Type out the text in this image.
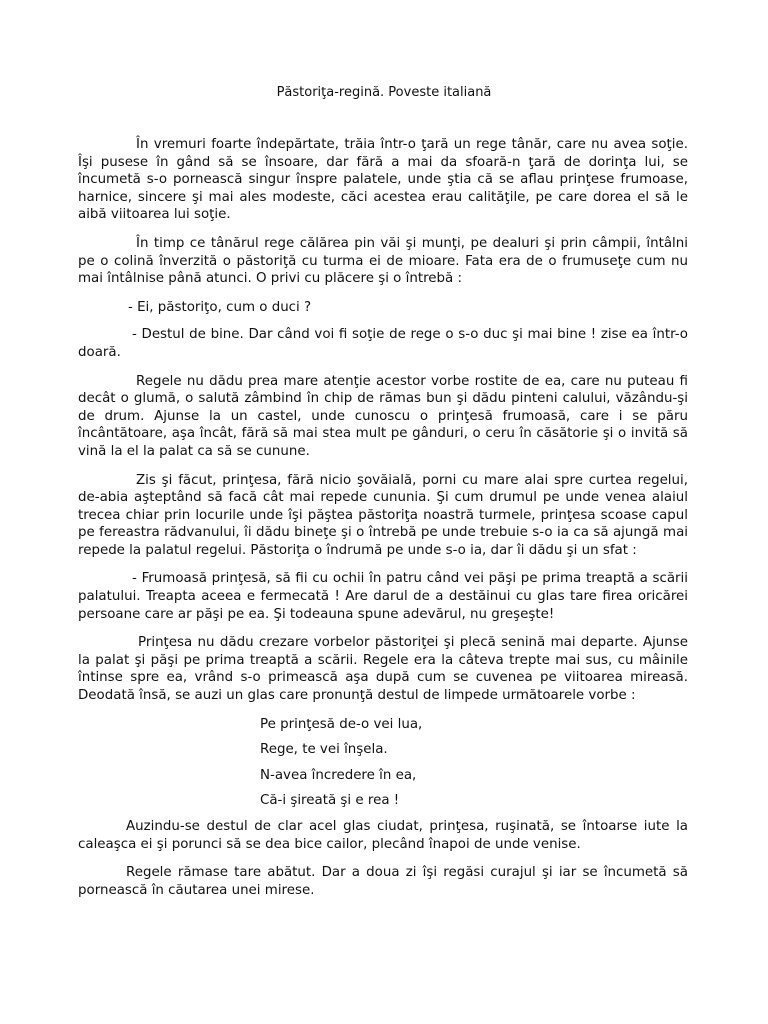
Păstoriţa-regină. Poveste italiană

În vremuri foarte îndepărtate, trăia într-o ţară un rege tânăr, care nu avea soţie. Îşi pusese în gând să se însoare, dar fără a mai da sfoară-n ţară de dorinţa lui, se încumetă s-o pornească singur înspre palatele, unde ştia că se aflau prinţese frumoase, harnice, sincere şi mai ales modeste, căci acestea erau calităţile, pe care dorea el să le aibă viitoarea lui soţie.

În timp ce tânărul rege călărea pin văi şi munţi, pe dealuri şi prin câmpii, întâlni pe o colină înverzită o păstoriţă cu turma ei de mioare. Fata era de o frumuseţe cum nu mai întâlnise până atunci. O privi cu plăcere şi o întrebă :

- Ei, păstoriţo, cum o duci ?

- Destul de bine. Dar când voi fi soţie de rege o s-o duc şi mai bine ! zise ea într-o doară.

Regele nu dădu prea mare atenţie acestor vorbe rostite de ea, care nu puteau fi decât o glumă, o salută zâmbind în chip de rămas bun şi dădu pinteni calului, văzându-şi de drum. Ajunse la un castel, unde cunoscu o prinţesă frumoasă, care i se păru încântătoare, aşa încât, fără să mai stea mult pe gânduri, o ceru în căsătorie şi o invită să vină la el la palat ca să se cunune.

Zis şi făcut, prinţesa, fără nicio şovăială, porni cu mare alai spre curtea regelui, de-abia aşteptând să facă cât mai repede cununia. Şi cum drumul pe unde venea alaiul trecea chiar prin locurile unde îşi păştea păstoriţa noastră turmele, prinţesa scoase capul pe fereastra rădvanului, îi dădu bineţe şi o întrebă pe unde trebuie s-o ia ca să ajungă mai repede la palatul regelui. Păstoriţa o îndrumă pe unde s-o ia, dar îi dădu şi un sfat :

- Frumoasă prinţesă, să fii cu ochii în patru când vei păşi pe prima treaptă a scării palatului. Treapta aceea e fermecată ! Are darul de a destăinui cu glas tare firea oricărei persoane care ar păşi pe ea. Şi todeauna spune adevărul, nu greşeşte!

Prinţesa nu dădu crezare vorbelor păstoriţei şi plecă senină mai departe. Ajunse la palat şi păşi pe prima treaptă a scării. Regele era la câteva trepte mai sus, cu mâinile întinse spre ea, vrând s-o primească aşa după cum se cuvenea pe viitoarea mireasă. Deodată însă, se auzi un glas care pronunţă destul de limpede următoarele vorbe :

Pe prinţesă de-o vei lua,

Rege, te vei înşela.

N-avea încredere în ea,

Că-i şireată şi e rea !

Auzindu-se destul de clar acel glas ciudat, prinţesa, ruşinată, se întoarse iute la caleaşca ei şi porunci să se dea bice cailor, plecând înapoi de unde venise.

Regele rămase tare abătut. Dar a doua zi îşi regăsi curajul şi iar se încumetă să pornească în căutarea unei mirese.
